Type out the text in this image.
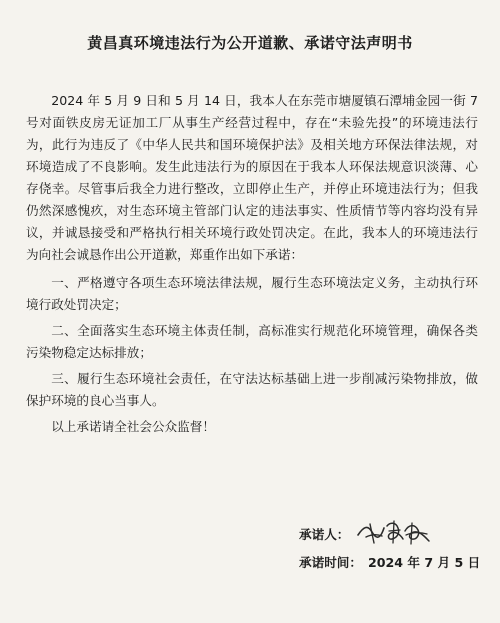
黄昌真环境违法行为公开道歉、承诺守法声明书

2024 年 5 月 9 日和 5 月 14 日，我本人在东莞市塘厦镇石潭埔金园一街 7 号对面铁皮房无证加工厂从事生产经营过程中，存在“未验先投”的环境违法行为，此行为违反了《中华人民共和国环境保护法》及相关地方环保法律法规，对环境造成了不良影响。发生此违法行为的原因在于我本人环保法规意识淡薄、心存侥幸。尽管事后我全力进行整改，立即停止生产，并停止环境违法行为；但我仍然深感愧疚，对生态环境主管部门认定的违法事实、性质情节等内容均没有异议，并诚恳接受和严格执行相关环境行政处罚决定。在此，我本人的环境违法行为向社会诚恳作出公开道歉，郑重作出如下承诺：

一、严格遵守各项生态环境法律法规，履行生态环境法定义务，主动执行环境行政处罚决定；

二、全面落实生态环境主体责任制，高标准实行规范化环境管理，确保各类污染物稳定达标排放；

三、履行生态环境社会责任，在守法达标基础上进一步削减污染物排放，做保护环境的良心当事人。

以上承诺请全社会公众监督！

承诺人：
承诺时间： 2024 年 7 月 5 日
